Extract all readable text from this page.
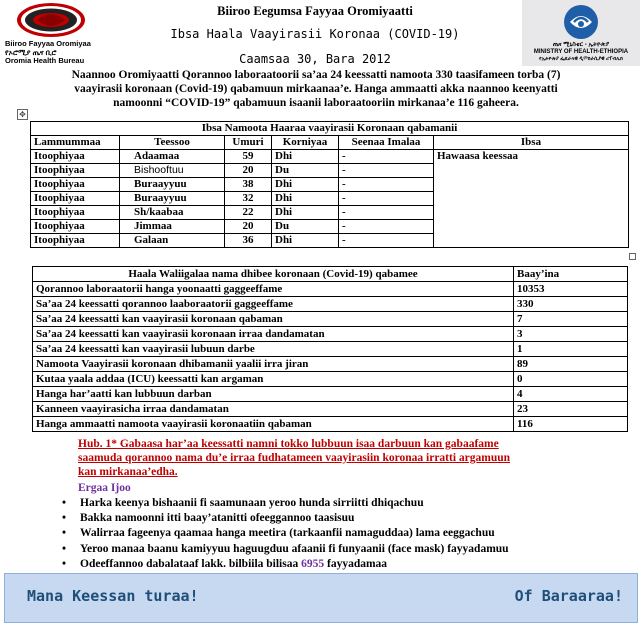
Biiroo Fayyaa Oromiyaa
የኦሮሚያ ጤና ቢሮ
Oromia Health Bureau
ጤና ሚኒስቴር - ኢትዮጵያ
MINISTRY OF HEALTH-ETHIOPIA
የኢትዮጵያ ፌዴራላዊ ዲሞክራሲያዊ ሪፐብሊክ
Biiroo Eegumsa Fayyaa Oromiyaatti
Ibsa Haala Vaayirasii Koronaa (COVID-19)
Caamsaa 30, Bara 2012
Naannoo Oromiyaatti Qorannoo laboraatoorii sa’aa 24 keessatti namoota 330 taasifameen torba (7)
vaayirasii koronaan (Covid-19) qabamuun mirkaanaa’e. Hanga ammaatti akka naannoo keenyatti
namoonni “COVID-19” qabamuun isaanii laboraatooriin mirkanaa’e 116 gaheera.
✥
Ibsa Namoota Haaraa vaayirasii Koronaan qabamanii					
Lammummaa	Teessoo	Umuri	Korniyaa	Seenaa Imalaa	Ibsa
Itoophiyaa	Adaamaa	59	Dhi	-	Hawaasa keessaa
Itoophiyaa	Bishooftuu	20	Du	-	
Itoophiyaa	Buraayyuu	38	Dhi	-	
Itoophiyaa	Buraayyuu	32	Dhi	-	
Itoophiyaa	Sh/kaabaa	22	Dhi	-	
Itoophiyaa	Jimmaa	20	Du	-	
Itoophiyaa	Galaan	36	Dhi	-	
Haala Waliigalaa nama dhibee koronaan (Covid-19) qabamee	Baay’ina
Qorannoo laboraatorii hanga yoonaatti gaggeeffame	10353
Sa’aa 24 keessatti qorannoo laaboraatorii gaggeeffame	330
Sa’aa 24 keessatti kan vaayirasii koronaan qabaman	7
Sa’aa 24 keessatti kan vaayirasii koronaan irraa dandamatan	3
Sa’aa 24 keessatti kan vaayirasii lubuun darbe	1
Namoota Vaayirasii koronaan dhibamanii yaalii irra jiran	89
Kutaa yaala addaa (ICU) keessatti kan argaman	0
Hanga har’aatti kan lubbuun darban	4
Kanneen vaayirasicha irraa dandamatan	23
Hanga ammaatti namoota vaayirasii koronaatiin qabaman	116
Hub. 1* Gabaasa har’aa keessatti namni tokko lubbuun isaa darbuun kan gabaafame
saamuda qorannoo nama du’e irraa fudhatameen vaayirasiin koronaa irratti argamuun
kan mirkanaa’edha.
Ergaa Ijoo
• Harka keenya bishaanii fi saamunaan yeroo hunda sirriitti dhiqachuu
• Bakka namoonni itti baay’atanitti ofeeggannoo taasisuu
• Walirraa fageenya qaamaa hanga meetira (tarkaanfii namaguddaa) lama eeggachuu
• Yeroo manaa baanu kamiyyuu haguugduu afaanii fi funyaanii (face mask) fayyadamuu
• Odeeffannoo dabalataaf lakk. bilbiila bilisaa 6955 fayyadamaa
Mana Keessan turaa!	Of Baraaraa!
